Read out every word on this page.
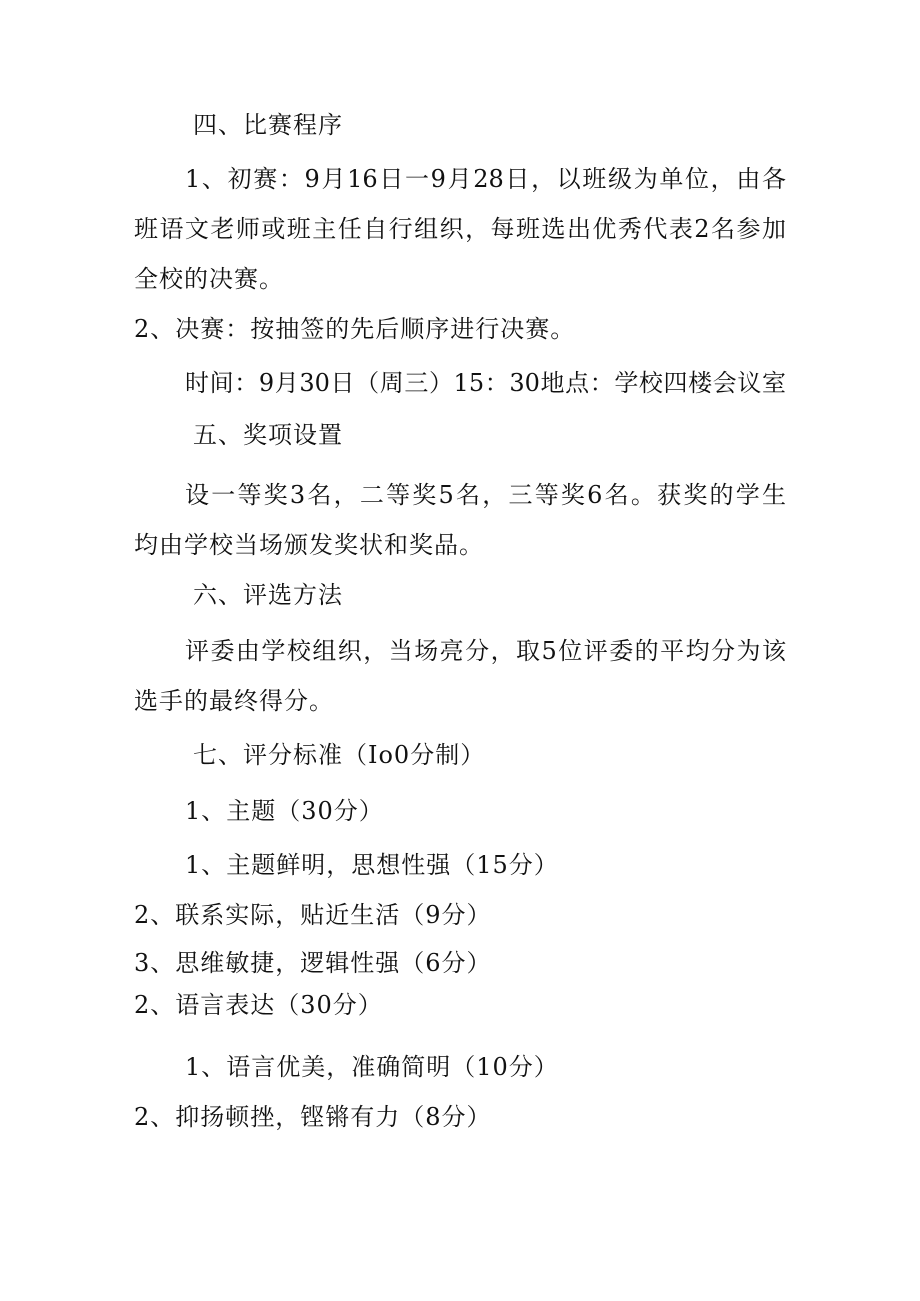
四、比赛程序
1、初赛：9月16日一9月28日，以班级为单位，由各
班语文老师或班主任自行组织，每班选出优秀代表2名参加
全校的决赛。
2、决赛：按抽签的先后顺序进行决赛。
时间：9月30日（周三）15：30地点：学校四楼会议室
五、奖项设置
设一等奖3名，二等奖5名，三等奖6名。获奖的学生
均由学校当场颁发奖状和奖品。
六、评选方法
评委由学校组织，当场亮分，取5位评委的平均分为该
选手的最终得分。
七、评分标准（Io0分制）
1、主题（30分）
1、主题鲜明，思想性强（15分）
2、联系实际，贴近生活（9分）
3、思维敏捷，逻辑性强（6分）
2、语言表达（30分）
1、语言优美，准确简明（10分）
2、抑扬顿挫，铿锵有力（8分）
